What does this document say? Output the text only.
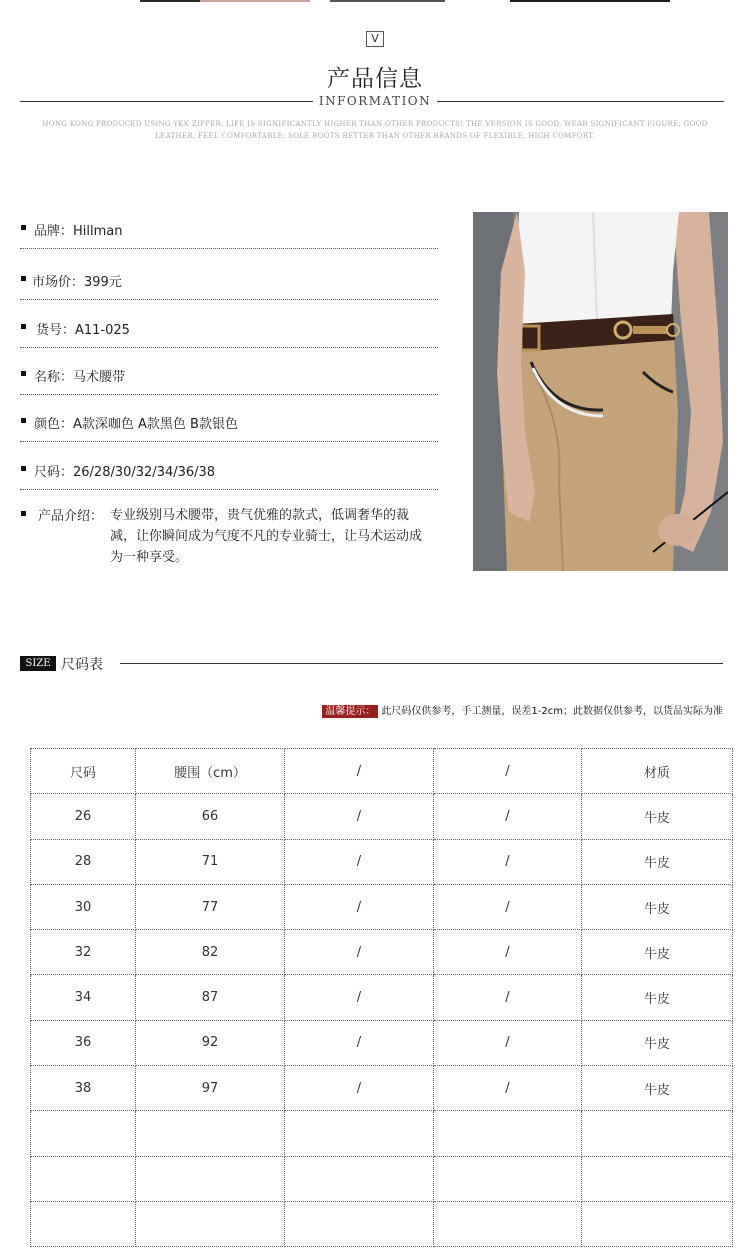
V
产品信息
INFORMATION
HONG KONG PRODUCED USING YKK ZIPPER, LIFE IS SIGNIFICANTLY HIGHER THAN OTHER PRODUCTS! THE VERSION IS GOOD, WEAR SIGNIFICANT FIGURE; GOOD LEATHER, FEEL COMFORTABLE; SOLE BOOTS BETTER THAN OTHER BRANDS OF FLEXIBLE, HIGH COMFORT.
品牌：Hillman
市场价：399元
货号：A11-025
名称：马术腰带
颜色：A款深咖色 A款黑色 B款银色
尺码：26/28/30/32/34/36/38
产品介绍： 专业级别马术腰带，贵气优雅的款式，低调奢华的裁减，让你瞬间成为气度不凡的专业骑士，让马术运动成为一种享受。
SIZE 尺码表
温馨提示： 此尺码仅供参考，手工测量，误差1-2cm；此数据仅供参考，以货品实际为准
尺码	腰围（cm）	/	/	材质
26	66	/	/	牛皮
28	71	/	/	牛皮
30	77	/	/	牛皮
32	82	/	/	牛皮
34	87	/	/	牛皮
36	92	/	/	牛皮
38	97	/	/	牛皮
